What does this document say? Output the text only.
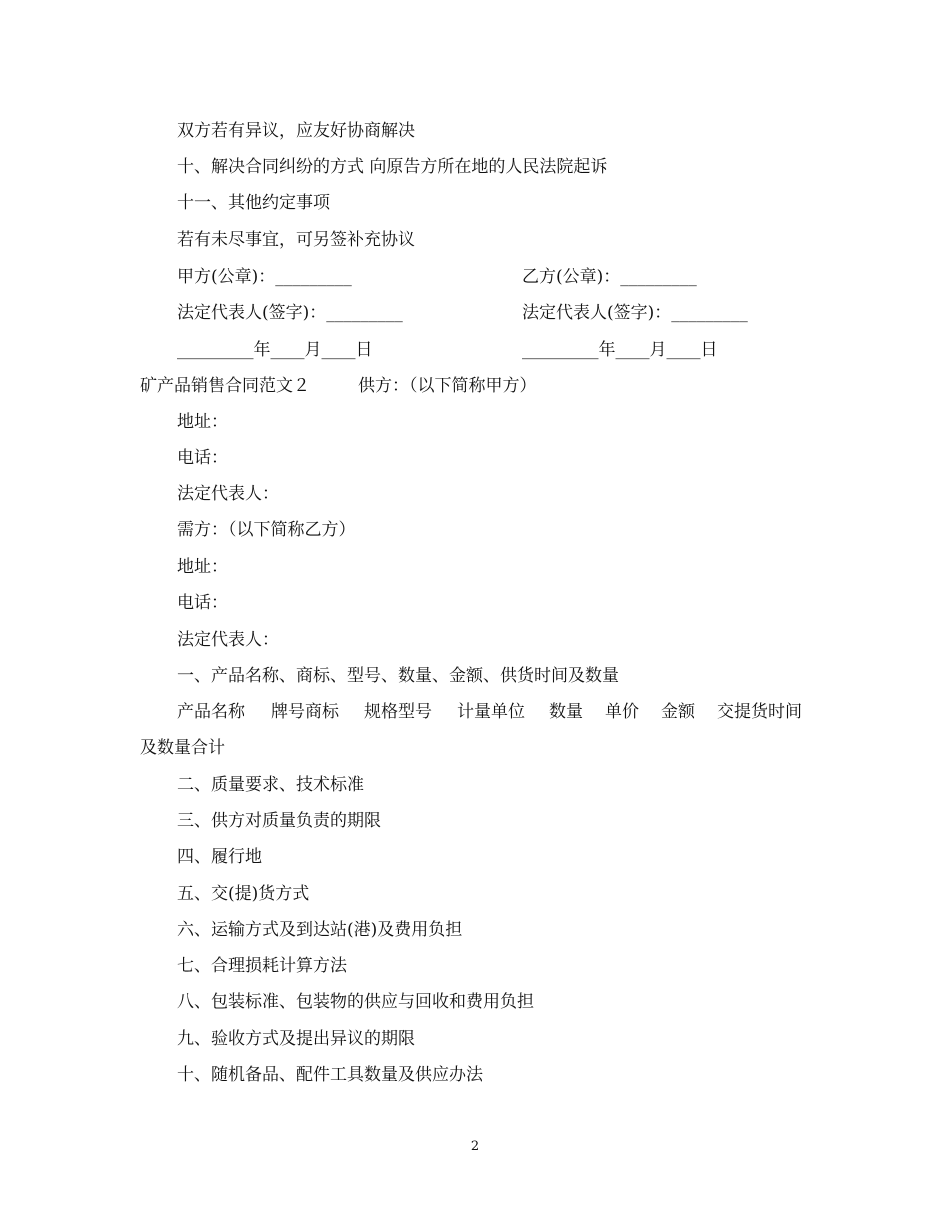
双方若有异议，应友好协商解决
十、解决合同纠纷的方式 向原告方所在地的人民法院起诉
十一、其他约定事项
若有未尽事宜，可另签补充协议
甲方(公章)：_________	乙方(公章)：_________
法定代表人(签字)：_________	法定代表人(签字)：_________
_________年____月____日	_________年____月____日
矿产品销售合同范文２	供方：（以下简称甲方）
地址：
电话：
法定代表人：
需方：（以下简称乙方）
地址：
电话：
法定代表人：
一、产品名称、商标、型号、数量、金额、供货时间及数量
产品名称 牌号商标 规格型号 计量单位 数量 单价 金额 交提货时间
及数量合计
二、质量要求、技术标准
三、供方对质量负责的期限
四、履行地
五、交(提)货方式
六、运输方式及到达站(港)及费用负担
七、合理损耗计算方法
八、包装标准、包装物的供应与回收和费用负担
九、验收方式及提出异议的期限
十、随机备品、配件工具数量及供应办法
2
